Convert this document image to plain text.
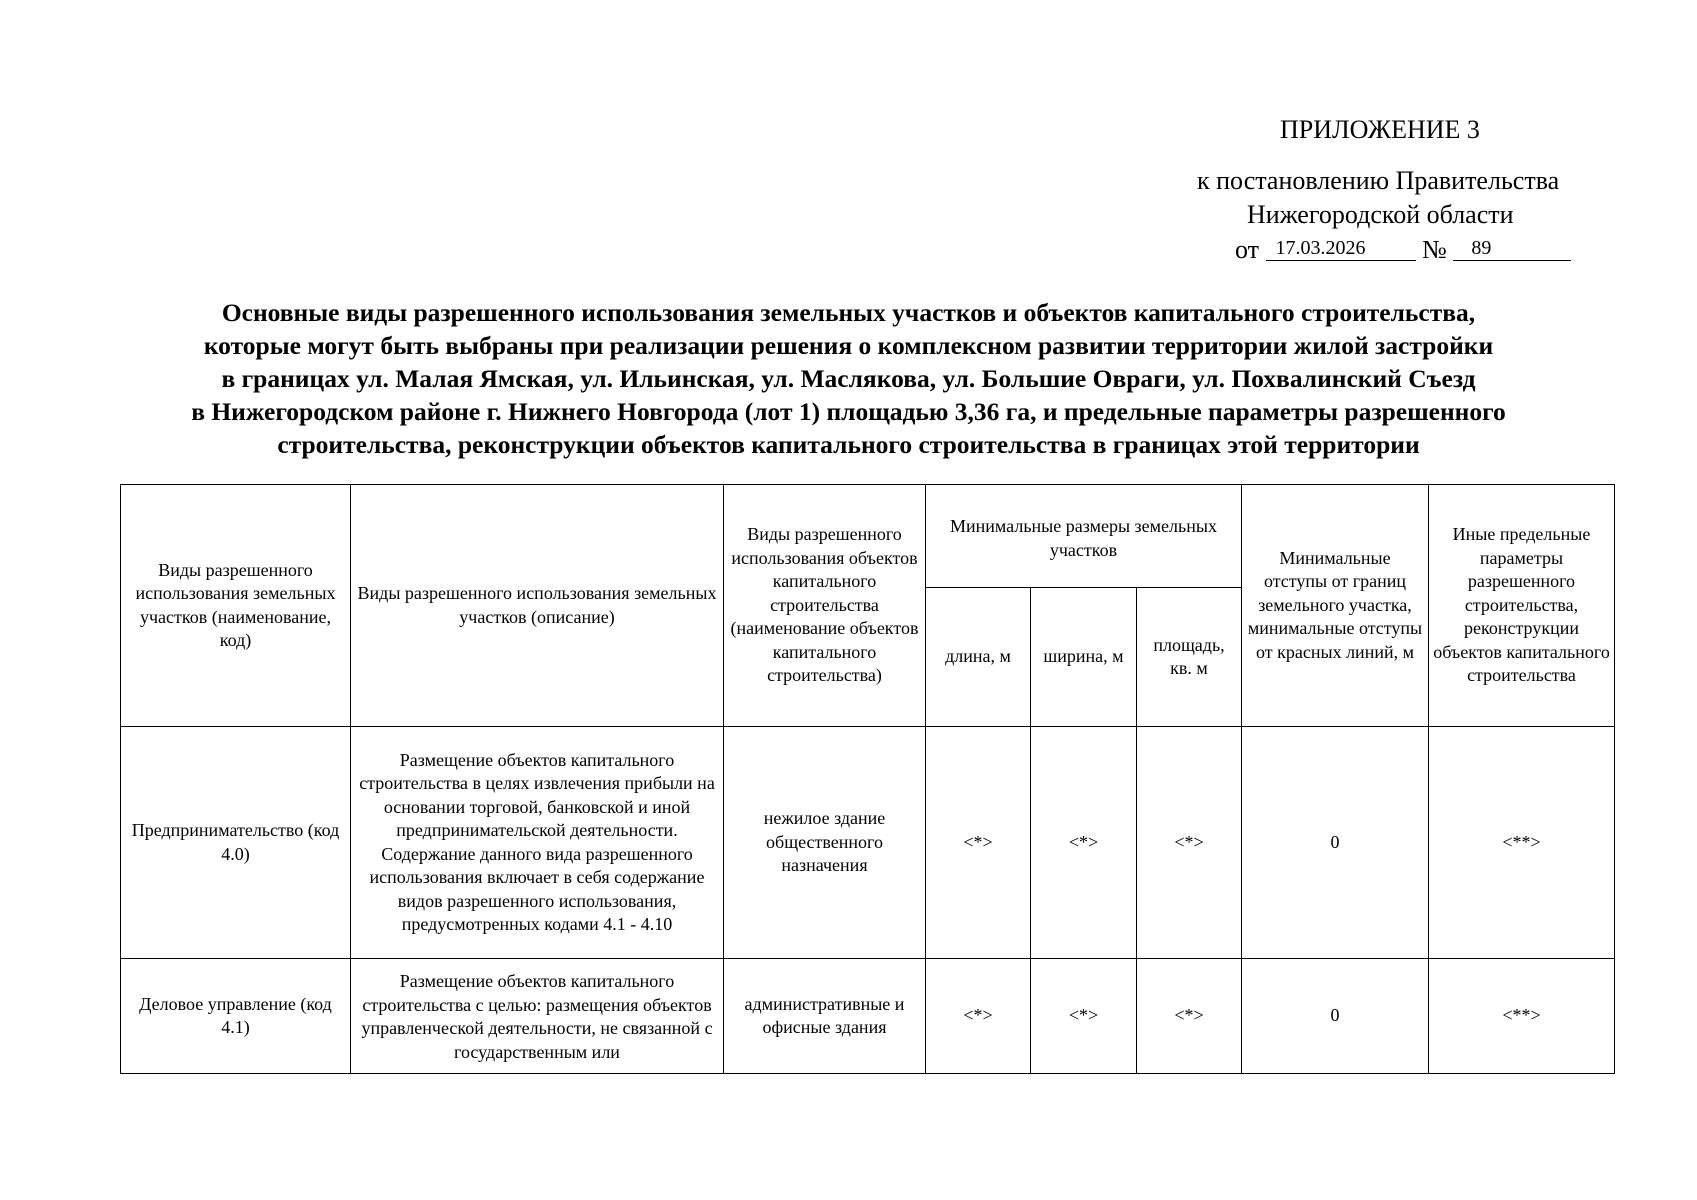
ПРИЛОЖЕНИЕ 3
к постановлению Правительства
Нижегородской области
от 17.03.2026 № 89
Основные виды разрешенного использования земельных участков и объектов капитального строительства,
которые могут быть выбраны при реализации решения о комплексном развитии территории жилой застройки
в границах ул. Малая Ямская, ул. Ильинская, ул. Маслякова, ул. Большие Овраги, ул. Похвалинский Съезд
в Нижегородском районе г. Нижнего Новгорода (лот 1) площадью 3,36 га, и предельные параметры разрешенного
строительства, реконструкции объектов капитального строительства в границах этой территории
Виды разрешенного использования земельных участков (наименование, код)	Виды разрешенного использования земельных участков (описание)	Виды разрешенного использования объектов капитального строительства (наименование объектов капитального строительства)	Минимальные размеры земельных участков			Минимальные отступы от границ земельного участка, минимальные отступы от красных линий, м	Иные предельные параметры разрешенного строительства, реконструкции объектов капитального строительства
			длина, м	ширина, м	площадь, кв. м		
Предпринимательство (код 4.0)	Размещение объектов капитального строительства в целях извлечения прибыли на основании торговой, банковской и иной предпринимательской деятельности. Содержание данного вида разрешенного использования включает в себя содержание видов разрешенного использования, предусмотренных кодами 4.1 - 4.10	нежилое здание общественного назначения	<*>	<*>	<*>	0	<**>
Деловое управление (код 4.1)	Размещение объектов капитального строительства с целью: размещения объектов управленческой деятельности, не связанной с государственным или	административные и офисные здания	<*>	<*>	<*>	0	<**>
